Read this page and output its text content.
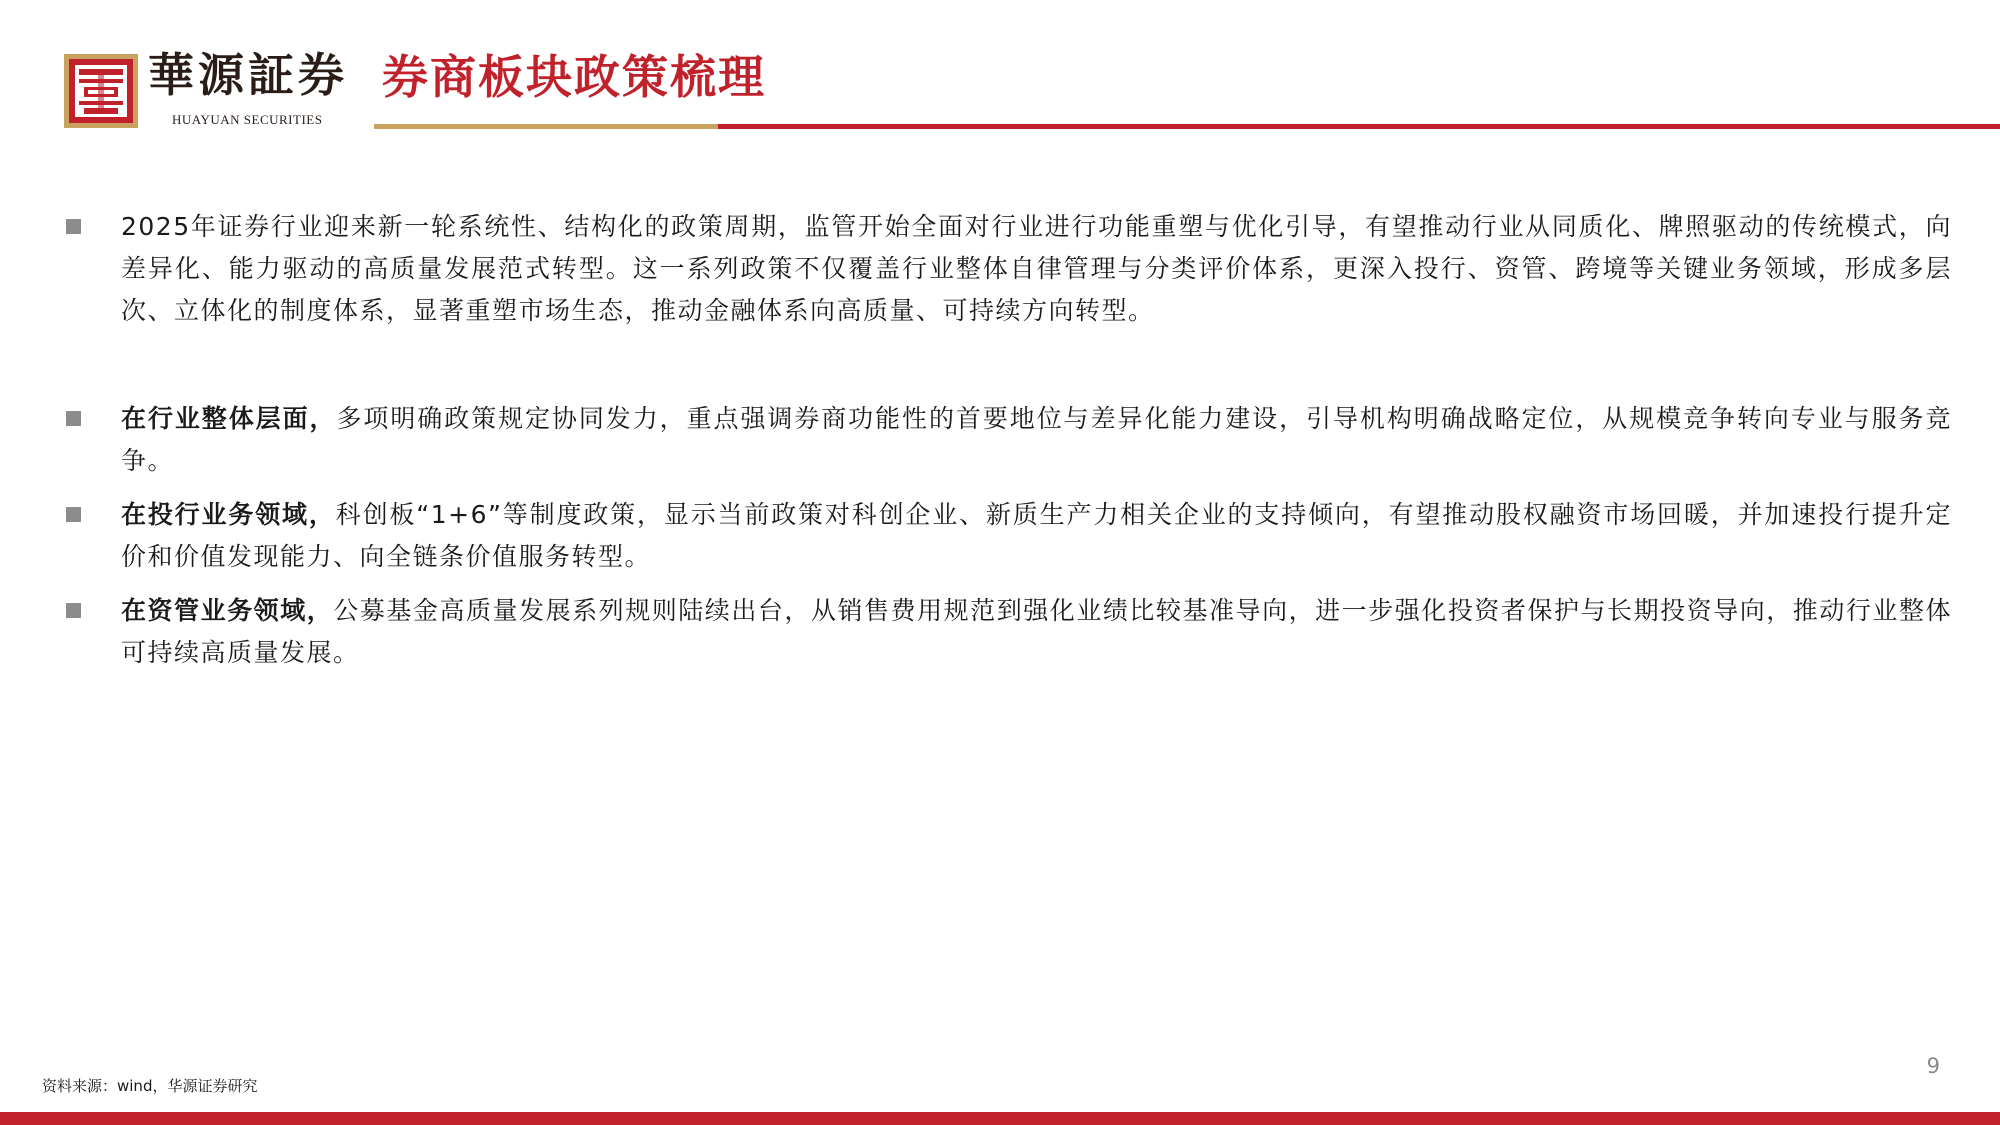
華源証券
HUAYUAN SECURITIES
券商板块政策梳理
2025年证券行业迎来新一轮系统性、结构化的政策周期，监管开始全面对行业进行功能重塑与优化引导，有望推动行业从同质化、牌照驱动的传统模式，向差异化、能力驱动的高质量发展范式转型。这一系列政策不仅覆盖行业整体自律管理与分类评价体系，更深入投行、资管、跨境等关键业务领域，形成多层次、立体化的制度体系，显著重塑市场生态，推动金融体系向高质量、可持续方向转型。
在行业整体层面，多项明确政策规定协同发力，重点强调券商功能性的首要地位与差异化能力建设，引导机构明确战略定位，从规模竞争转向专业与服务竞争。
在投行业务领域，科创板“1+6”等制度政策，显示当前政策对科创企业、新质生产力相关企业的支持倾向，有望推动股权融资市场回暖，并加速投行提升定价和价值发现能力、向全链条价值服务转型。
在资管业务领域，公募基金高质量发展系列规则陆续出台，从销售费用规范到强化业绩比较基准导向，进一步强化投资者保护与长期投资导向，推动行业整体可持续高质量发展。
9
资料来源：wind，华源证券研究
